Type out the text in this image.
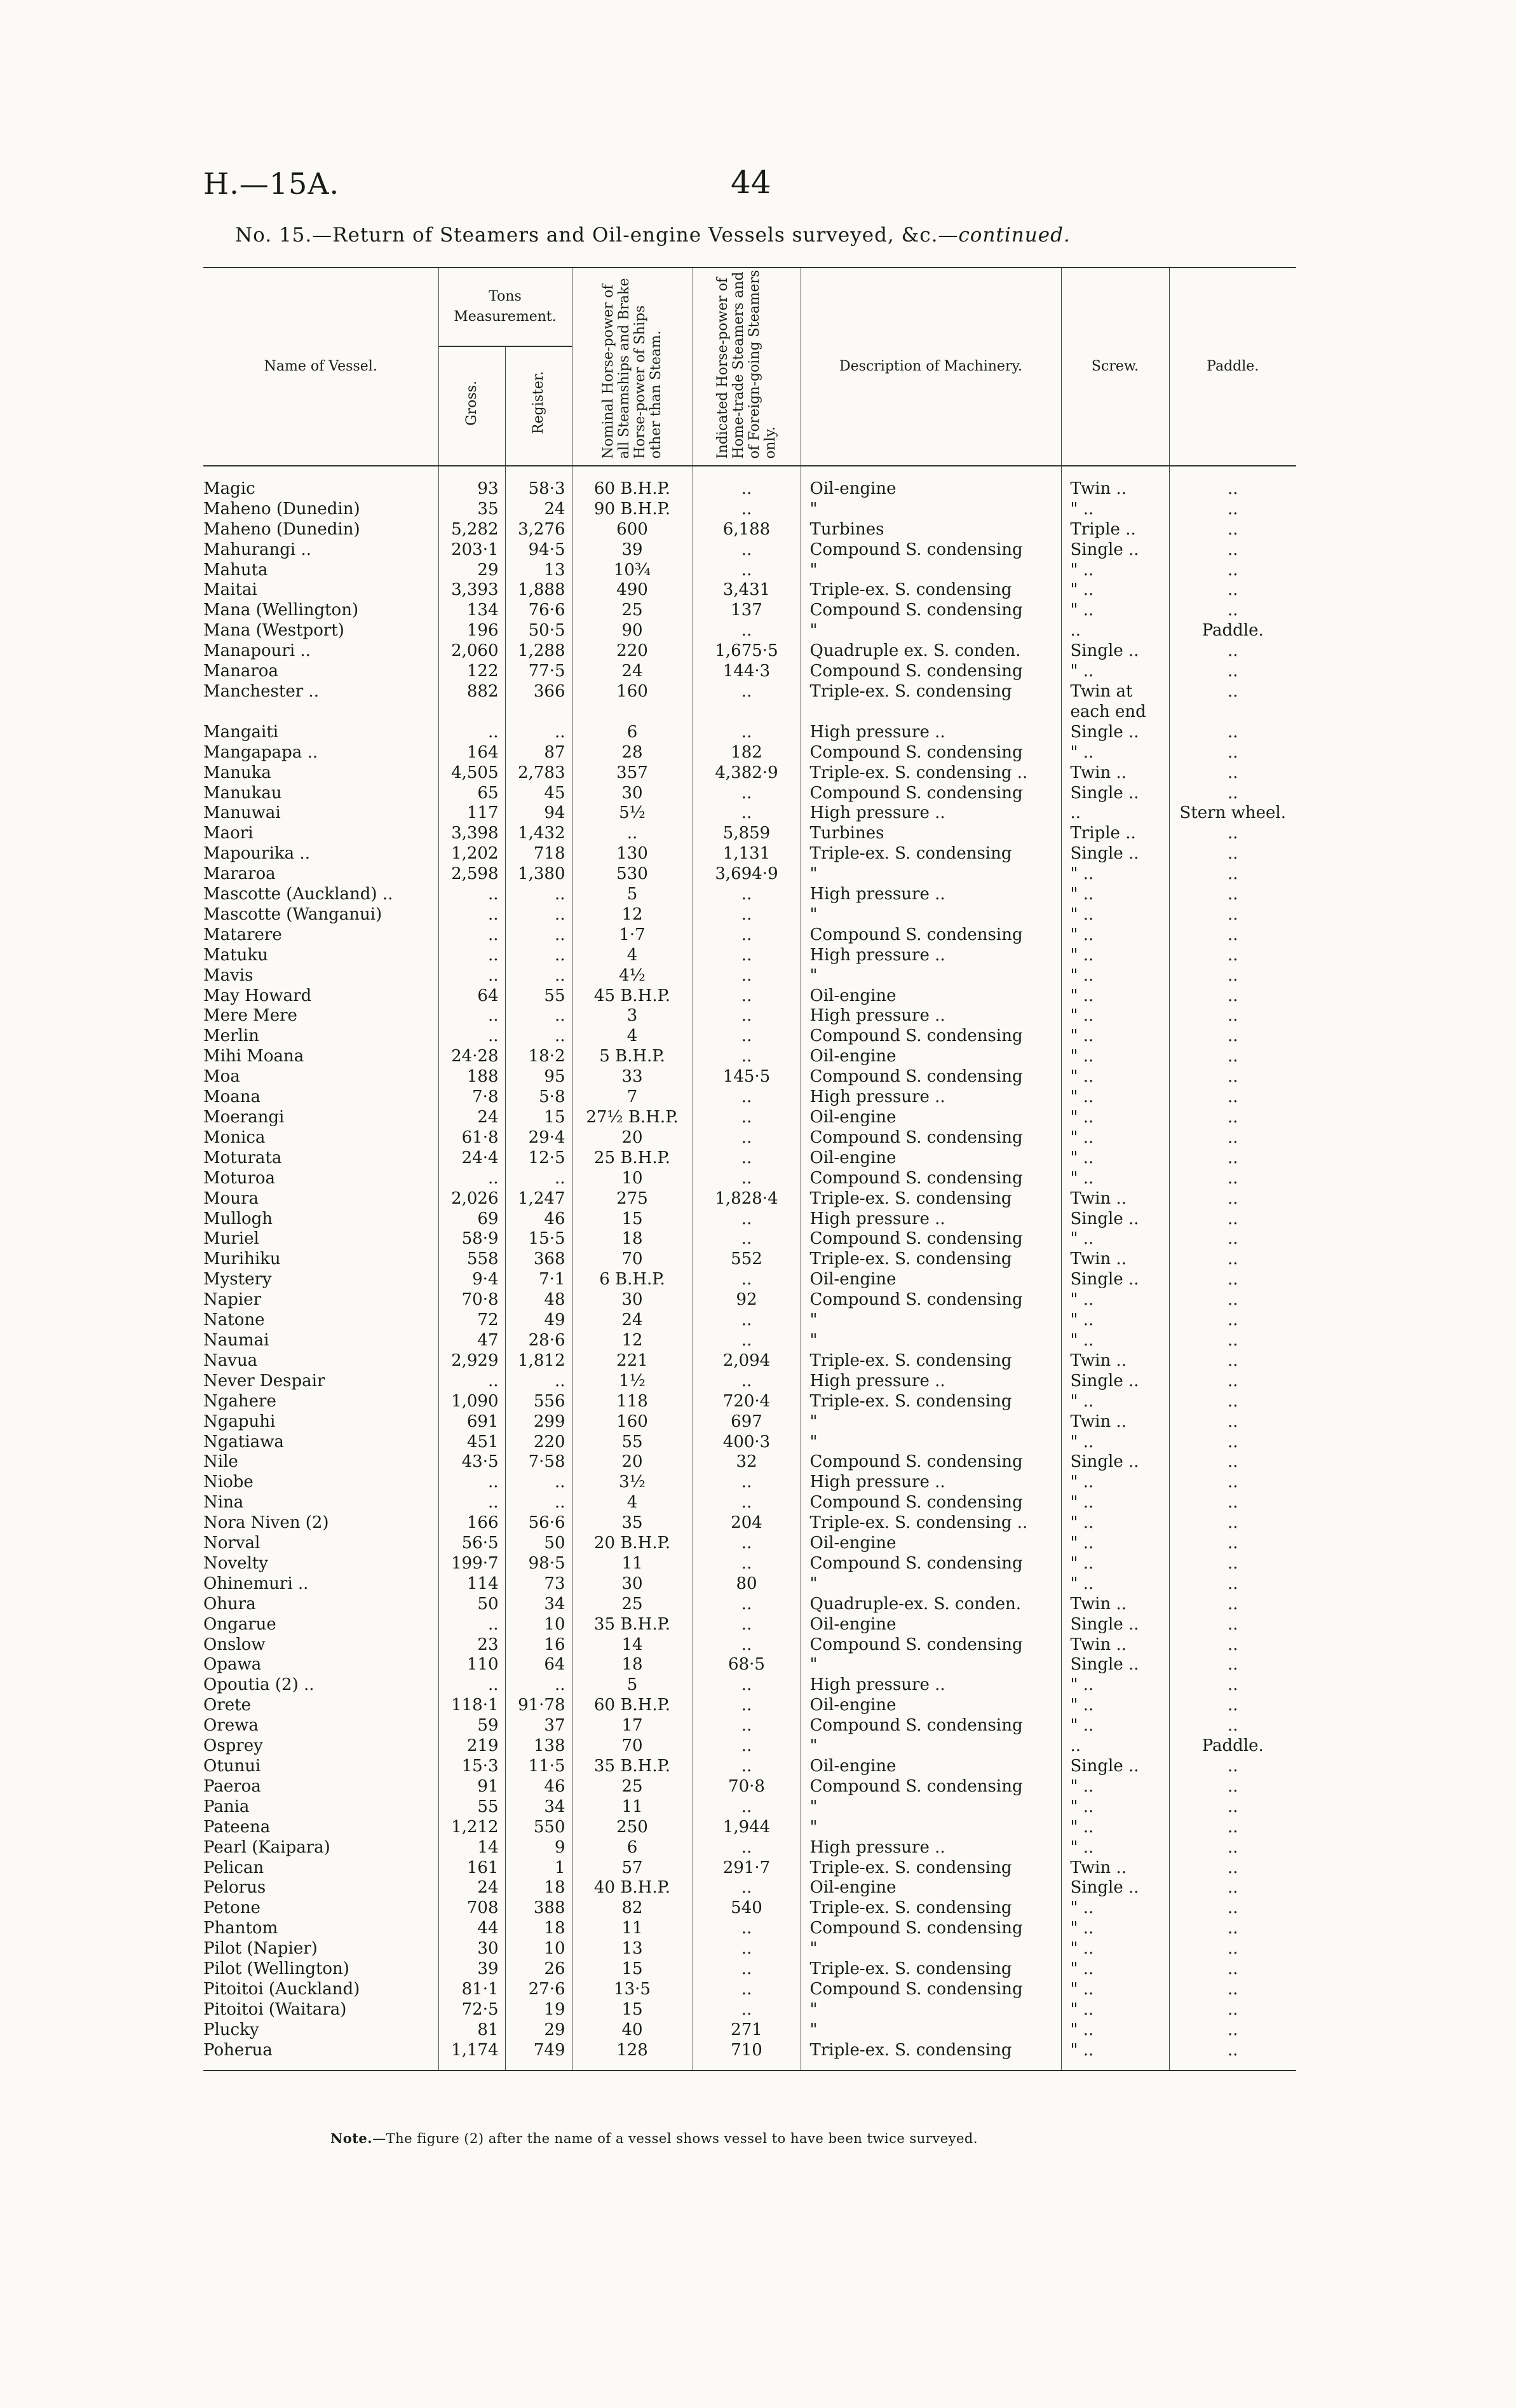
H.—15A.	44
No. 15.—Return of Steamers and Oil-engine Vessels surveyed, &c.—continued.
Name of Vessel.	Tons Measurement.		Nominal Horse-power of all Steamships and Brake Horse-power of Ships other than Steam.	Indicated Horse-power of Home-trade Steamers and of Foreign-going Steamers only.	Description of Machinery.	Screw.	Paddle.
	Gross.	Register.					
Magic	93	58·3	60 B.H.P.	..	Oil-engine	Twin ..	..
Maheno (Dunedin)	35	24	90 B.H.P.	..	"	" ..	..
Maheno (Dunedin)	5,282	3,276	600	6,188	Turbines	Triple ..	..
Mahurangi ..	203·1	94·5	39	..	Compound S. condensing	Single ..	..
Mahuta	29	13	10¾	..	"	" ..	..
Maitai	3,393	1,888	490	3,431	Triple-ex. S. condensing	" ..	..
Mana (Wellington)	134	76·6	25	137	Compound S. condensing	" ..	..
Mana (Westport)	196	50·5	90	..	"	..	Paddle.
Manapouri ..	2,060	1,288	220	1,675·5	Quadruple ex. S. conden.	Single ..	..
Manaroa	122	77·5	24	144·3	Compound S. condensing	" ..	..
Manchester ..	882	366	160	..	Triple-ex. S. condensing	Twin at	..
						each end	
Mangaiti	..	..	6	..	High pressure ..	Single ..	..
Mangapapa ..	164	87	28	182	Compound S. condensing	" ..	..
Manuka	4,505	2,783	357	4,382·9	Triple-ex. S. condensing ..	Twin ..	..
Manukau	65	45	30	..	Compound S. condensing	Single ..	..
Manuwai	117	94	5½	..	High pressure ..	..	Stern wheel.
Maori	3,398	1,432	..	5,859	Turbines	Triple ..	..
Mapourika ..	1,202	718	130	1,131	Triple-ex. S. condensing	Single ..	..
Mararoa	2,598	1,380	530	3,694·9	"	" ..	..
Mascotte (Auckland) ..	..	..	5	..	High pressure ..	" ..	..
Mascotte (Wanganui)	..	..	12	..	"	" ..	..
Matarere	..	..	1·7	..	Compound S. condensing	" ..	..
Matuku	..	..	4	..	High pressure ..	" ..	..
Mavis	..	..	4½	..	"	" ..	..
May Howard	64	55	45 B.H.P.	..	Oil-engine	" ..	..
Mere Mere	..	..	3	..	High pressure ..	" ..	..
Merlin	..	..	4	..	Compound S. condensing	" ..	..
Mihi Moana	24·28	18·2	5 B.H.P.	..	Oil-engine	" ..	..
Moa	188	95	33	145·5	Compound S. condensing	" ..	..
Moana	7·8	5·8	7	..	High pressure ..	" ..	..
Moerangi	24	15	27½ B.H.P.	..	Oil-engine	" ..	..
Monica	61·8	29·4	20	..	Compound S. condensing	" ..	..
Moturata	24·4	12·5	25 B.H.P.	..	Oil-engine	" ..	..
Moturoa	..	..	10	..	Compound S. condensing	" ..	..
Moura	2,026	1,247	275	1,828·4	Triple-ex. S. condensing	Twin ..	..
Mullogh	69	46	15	..	High pressure ..	Single ..	..
Muriel	58·9	15·5	18	..	Compound S. condensing	" ..	..
Murihiku	558	368	70	552	Triple-ex. S. condensing	Twin ..	..
Mystery	9·4	7·1	6 B.H.P.	..	Oil-engine	Single ..	..
Napier	70·8	48	30	92	Compound S. condensing	" ..	..
Natone	72	49	24	..	"	" ..	..
Naumai	47	28·6	12	..	"	" ..	..
Navua	2,929	1,812	221	2,094	Triple-ex. S. condensing	Twin ..	..
Never Despair	..	..	1½	..	High pressure ..	Single ..	..
Ngahere	1,090	556	118	720·4	Triple-ex. S. condensing	" ..	..
Ngapuhi	691	299	160	697	"	Twin ..	..
Ngatiawa	451	220	55	400·3	"	" ..	..
Nile	43·5	7·58	20	32	Compound S. condensing	Single ..	..
Niobe	..	..	3½	..	High pressure ..	" ..	..
Nina	..	..	4	..	Compound S. condensing	" ..	..
Nora Niven (2)	166	56·6	35	204	Triple-ex. S. condensing ..	" ..	..
Norval	56·5	50	20 B.H.P.	..	Oil-engine	" ..	..
Novelty	199·7	98·5	11	..	Compound S. condensing	" ..	..
Ohinemuri ..	114	73	30	80	"	" ..	..
Ohura	50	34	25	..	Quadruple-ex. S. conden.	Twin ..	..
Ongarue	..	10	35 B.H.P.	..	Oil-engine	Single ..	..
Onslow	23	16	14	..	Compound S. condensing	Twin ..	..
Opawa	110	64	18	68·5	"	Single ..	..
Opoutia (2) ..	..	..	5	..	High pressure ..	" ..	..
Orete	118·1	91·78	60 B.H.P.	..	Oil-engine	" ..	..
Orewa	59	37	17	..	Compound S. condensing	" ..	..
Osprey	219	138	70	..	"	..	Paddle.
Otunui	15·3	11·5	35 B.H.P.	..	Oil-engine	Single ..	..
Paeroa	91	46	25	70·8	Compound S. condensing	" ..	..
Pania	55	34	11	..	"	" ..	..
Pateena	1,212	550	250	1,944	"	" ..	..
Pearl (Kaipara)	14	9	6	..	High pressure ..	" ..	..
Pelican	161	1	57	291·7	Triple-ex. S. condensing	Twin ..	..
Pelorus	24	18	40 B.H.P.	..	Oil-engine	Single ..	..
Petone	708	388	82	540	Triple-ex. S. condensing	" ..	..
Phantom	44	18	11	..	Compound S. condensing	" ..	..
Pilot (Napier)	30	10	13	..	"	" ..	..
Pilot (Wellington)	39	26	15	..	Triple-ex. S. condensing	" ..	..
Pitoitoi (Auckland)	81·1	27·6	13·5	..	Compound S. condensing	" ..	..
Pitoitoi (Waitara)	72·5	19	15	..	"	" ..	..
Plucky	81	29	40	271	"	" ..	..
Poherua	1,174	749	128	710	Triple-ex. S. condensing	" ..	..
Note.—The figure (2) after the name of a vessel shows vessel to have been twice surveyed.
